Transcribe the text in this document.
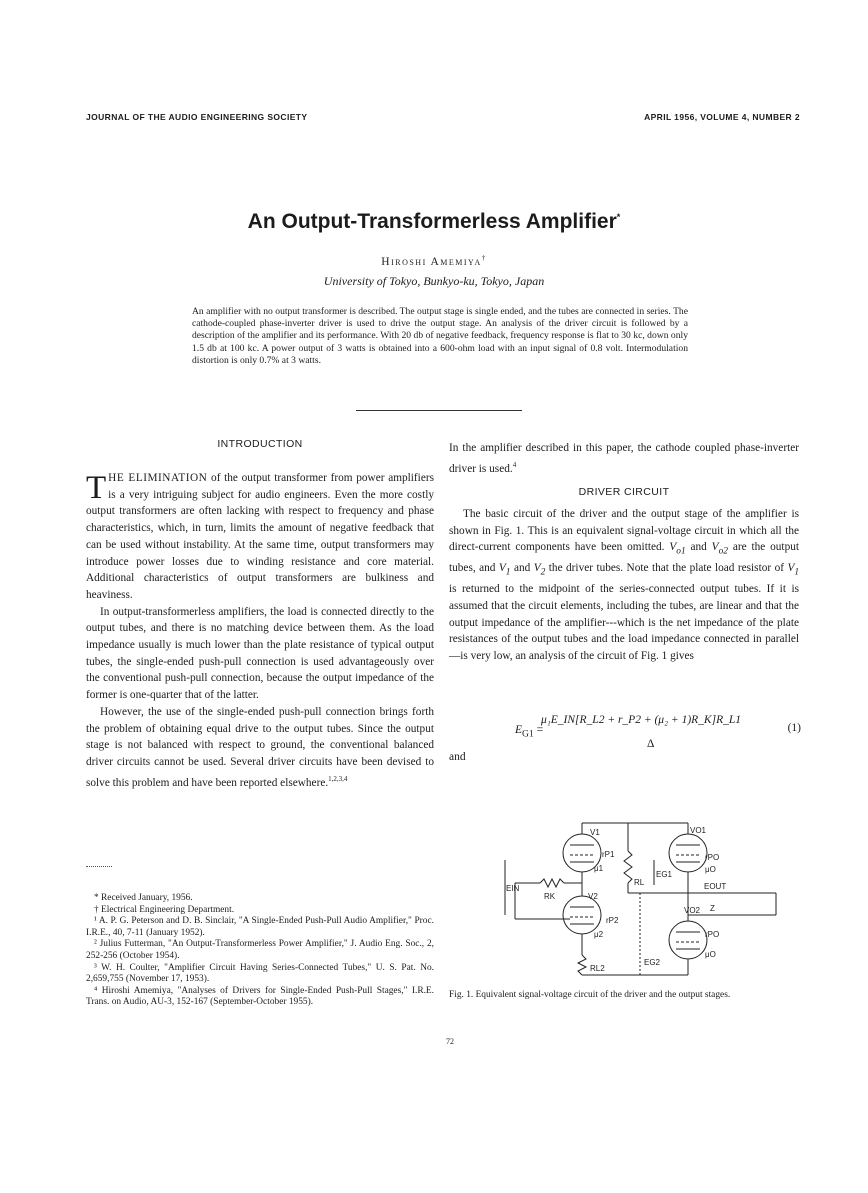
JOURNAL OF THE AUDIO ENGINEERING SOCIETY	APRIL 1956, VOLUME 4, NUMBER 2
An Output-Transformerless Amplifier*
Hiroshi Amemiya†
University of Tokyo, Bunkyo-ku, Tokyo, Japan
An amplifier with no output transformer is described. The output stage is single ended, and the tubes are connected in series. The cathode-coupled phase-inverter driver is used to drive the output stage. An analysis of the driver circuit is followed by a description of the amplifier and its performance. With 20 db of negative feedback, frequency response is flat to 30 kc, down only 1.5 db at 100 kc. A power output of 3 watts is obtained into a 600-ohm load with an input signal of 0.8 volt. Intermodulation distortion is only 0.7% at 3 watts.
INTRODUCTION

THE ELIMINATION of the output transformer from power amplifiers is a very intriguing subject for audio engineers. Even the more costly output transformers are often lacking with respect to frequency and phase characteristics, which, in turn, limits the amount of negative feedback that can be used without instability. At the same time, output transformers may introduce power losses due to winding resistance and core material. Additional characteristics of output transformers are bulkiness and heaviness.

In output-transformerless amplifiers, the load is connected directly to the output tubes, and there is no matching device between them. As the load impedance usually is much lower than the plate resistance of typical output tubes, the single-ended push-pull connection is used advantageously over the conventional push-pull connection, because the output impedance of the former is one-quarter that of the latter.

However, the use of the single-ended push-pull connection brings forth the problem of obtaining equal drive to the output tubes. Since the output stage is not balanced with respect to ground, the conventional balanced driver circuits cannot be used. Several driver circuits have been devised to solve this problem and have been reported elsewhere.$^{1,2,3,4}$

* Received January, 1956.

† Electrical Engineering Department.

¹ A. P. G. Peterson and D. B. Sinclair, "A Single-Ended Push-Pull Audio Amplifier," Proc. I.R.E., 40, 7-11 (January 1952).

² Julius Futterman, "An Output-Transformerless Power Amplifier," J. Audio Eng. Soc., 2, 252-256 (October 1954).

³ W. H. Coulter, "Amplifier Circuit Having Series-Connected Tubes," U. S. Pat. No. 2,659,755 (November 17, 1953).

⁴ Hiroshi Amemiya, "Analyses of Drivers for Single-Ended Push-Pull Stages," I.R.E. Trans. on Audio, AU-3, 152-167 (September-October 1955).

In the amplifier described in this paper, the cathode coupled phase-inverter driver is used.$^4$
DRIVER CIRCUIT

The basic circuit of the driver and the output stage of the amplifier is shown in Fig. 1. This is an equivalent signal-voltage circuit in which all the direct-current components have been omitted. $V_{o1}$ and $V_{o2}$ are the output tubes, and $V_1$ and $V_2$ the driver tubes. Note that the plate load resistor of $V_1$ is returned to the midpoint of the series-connected output tubes. If it is assumed that the circuit elements, including the tubes, are linear and that the output impedance of the amplifier---which is the net impedance of the plate resistances of the output tubes and the load impedance connected in parallel—is very low, an analysis of the circuit of Fig. 1 gives

$E_{G1}$ =
μ₁E_IN[R_L2 + r_P2 + (μ₂ + 1)R_K]R_L1
Δ
(1)
and
V1	VO1
rP1
μ1
rPO
μO
RL
EG1
EIN
RK
EOUT
Z
V2
VO2
rP2
μ2	rPO
μO
RL2
EG2
Fig. 1. Equivalent signal-voltage circuit of the driver and the output stages.
72
